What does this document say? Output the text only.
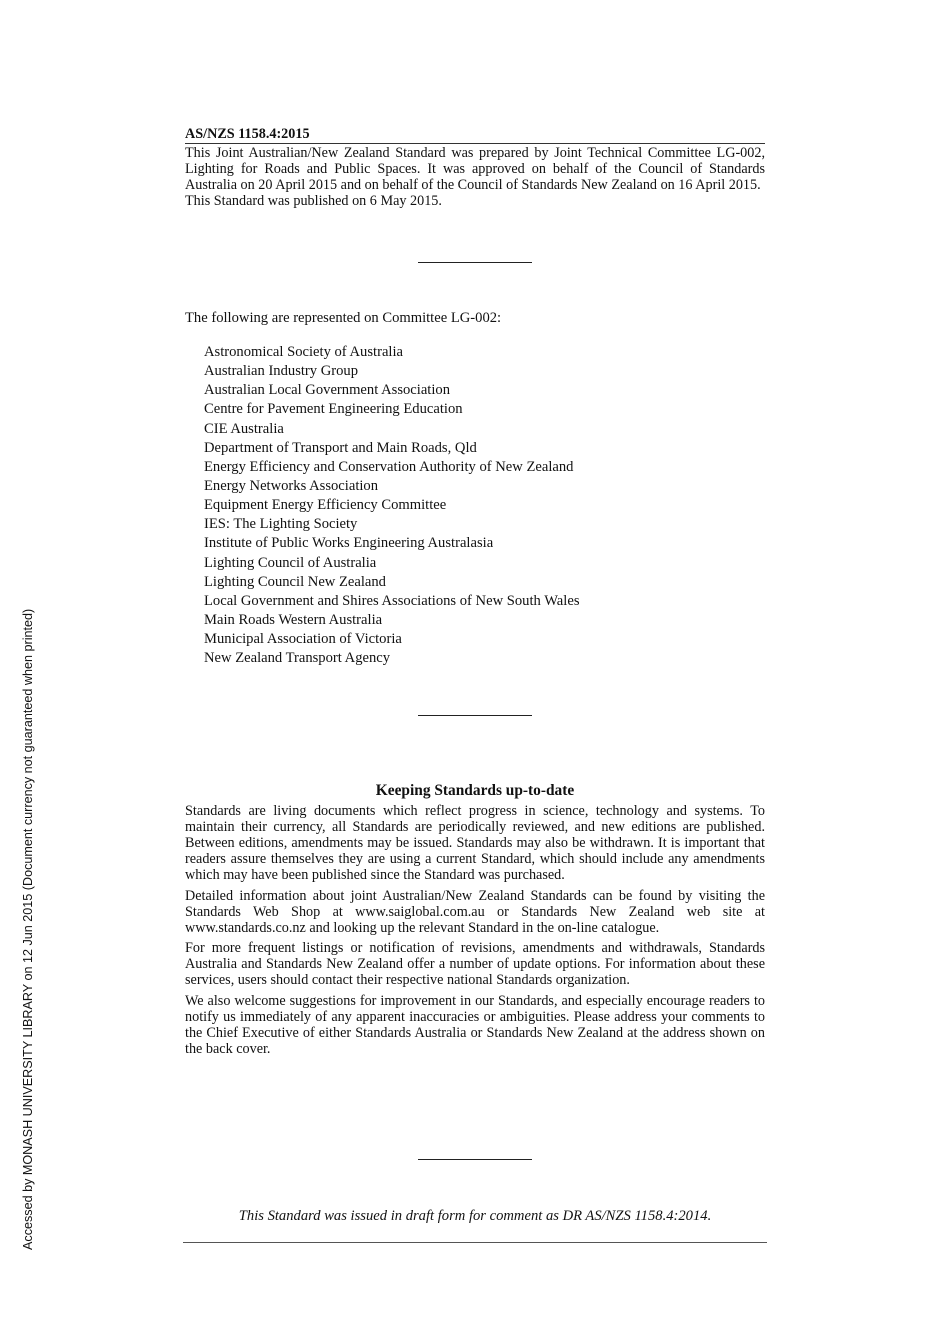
Accessed by MONASH UNIVERSITY LIBRARY on 12 Jun 2015 (Document currency not guaranteed when printed)
AS/NZS 1158.4:2015

This Joint Australian/New Zealand Standard was prepared by Joint Technical Committee LG-002, Lighting for Roads and Public Spaces. It was approved on behalf of the Council of Standards Australia on 20 April 2015 and on behalf of the Council of Standards New Zealand on 16 April 2015.

This Standard was published on 6 May 2015.

The following are represented on Committee LG-002:
Astronomical Society of Australia
Australian Industry Group
Australian Local Government Association
Centre for Pavement Engineering Education
CIE Australia
Department of Transport and Main Roads, Qld
Energy Efficiency and Conservation Authority of New Zealand
Energy Networks Association
Equipment Energy Efficiency Committee
IES: The Lighting Society
Institute of Public Works Engineering Australasia
Lighting Council of Australia
Lighting Council New Zealand
Local Government and Shires Associations of New South Wales
Main Roads Western Australia
Municipal Association of Victoria
New Zealand Transport Agency
Keeping Standards up-to-date

Standards are living documents which reflect progress in science, technology and systems. To maintain their currency, all Standards are periodically reviewed, and new editions are published. Between editions, amendments may be issued. Standards may also be withdrawn. It is important that readers assure themselves they are using a current Standard, which should include any amendments which may have been published since the Standard was purchased.

Detailed information about joint Australian/New Zealand Standards can be found by visiting the Standards Web Shop at www.saiglobal.com.au or Standards New Zealand web site at www.standards.co.nz and looking up the relevant Standard in the on-line catalogue.

For more frequent listings or notification of revisions, amendments and withdrawals, Standards Australia and Standards New Zealand offer a number of update options. For information about these services, users should contact their respective national Standards organization.

We also welcome suggestions for improvement in our Standards, and especially encourage readers to notify us immediately of any apparent inaccuracies or ambiguities. Please address your comments to the Chief Executive of either Standards Australia or Standards New Zealand at the address shown on the back cover.

This Standard was issued in draft form for comment as DR AS/NZS 1158.4:2014.
